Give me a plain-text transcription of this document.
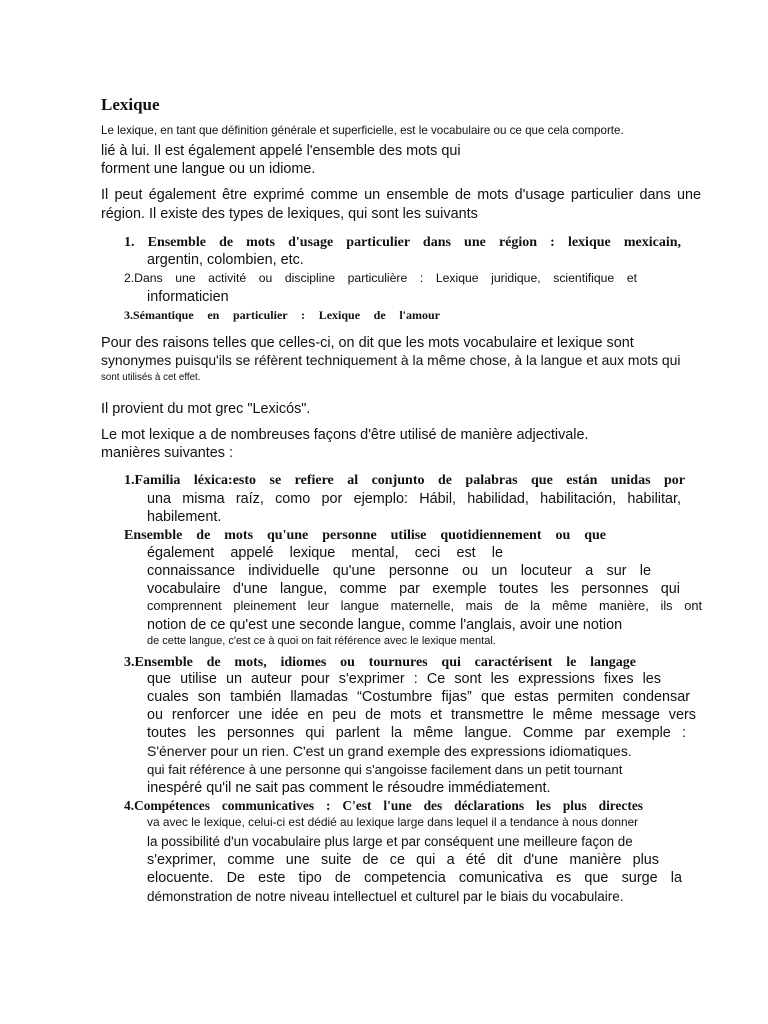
Lexique
Le lexique, en tant que définition générale et superficielle, est le vocabulaire ou ce que cela comporte.
lié à lui. Il est également appelé l'ensemble des mots qui
forment une langue ou un idiome.
Il peut également être exprimé comme un ensemble de mots d'usage particulier dans une
région. Il existe des types de lexiques, qui sont les suivants
1. Ensemble de mots d'usage particulier dans une région : lexique mexicain,
argentin, colombien, etc.
2.Dans une activité ou discipline particulière : Lexique juridique, scientifique et
informaticien
3.Sémantique en particulier : Lexique de l'amour
Pour des raisons telles que celles-ci, on dit que les mots vocabulaire et lexique sont
synonymes puisqu'ils se réfèrent techniquement à la même chose, à la langue et aux mots qui
sont utilisés à cet effet.
Il provient du mot grec "Lexicós".
Le mot lexique a de nombreuses façons d'être utilisé de manière adjectivale.
manières suivantes :
1.Familia léxica:esto se refiere al conjunto de palabras que están unidas por
una misma raíz, como por ejemplo: Hábil, habilidad, habilitación, habilitar,
habilement.
Ensemble de mots qu'une personne utilise quotidiennement ou que
également appelé lexique mental, ceci est le
connaissance individuelle qu'une personne ou un locuteur a sur le
vocabulaire d'une langue, comme par exemple toutes les personnes qui
comprennent pleinement leur langue maternelle, mais de la même manière, ils ont
notion de ce qu'est une seconde langue, comme l'anglais, avoir une notion
de cette langue, c'est ce à quoi on fait référence avec le lexique mental.
3.Ensemble de mots, idiomes ou tournures qui caractérisent le langage
que utilise un auteur pour s'exprimer : Ce sont les expressions fixes les
cuales son también llamadas “Costumbre fijas” que estas permiten condensar
ou renforcer une idée en peu de mots et transmettre le même message vers
toutes les personnes qui parlent la même langue. Comme par exemple :
S'énerver pour un rien. C'est un grand exemple des expressions idiomatiques.
qui fait référence à une personne qui s'angoisse facilement dans un petit tournant
inespéré qu'il ne sait pas comment le résoudre immédiatement.
4.Compétences communicatives : C'est l'une des déclarations les plus directes
va avec le lexique, celui-ci est dédié au lexique large dans lequel il a tendance à nous donner
la possibilité d'un vocabulaire plus large et par conséquent une meilleure façon de
s'exprimer, comme une suite de ce qui a été dit d'une manière plus
elocuente. De este tipo de competencia comunicativa es que surge la
démonstration de notre niveau intellectuel et culturel par le biais du vocabulaire.
